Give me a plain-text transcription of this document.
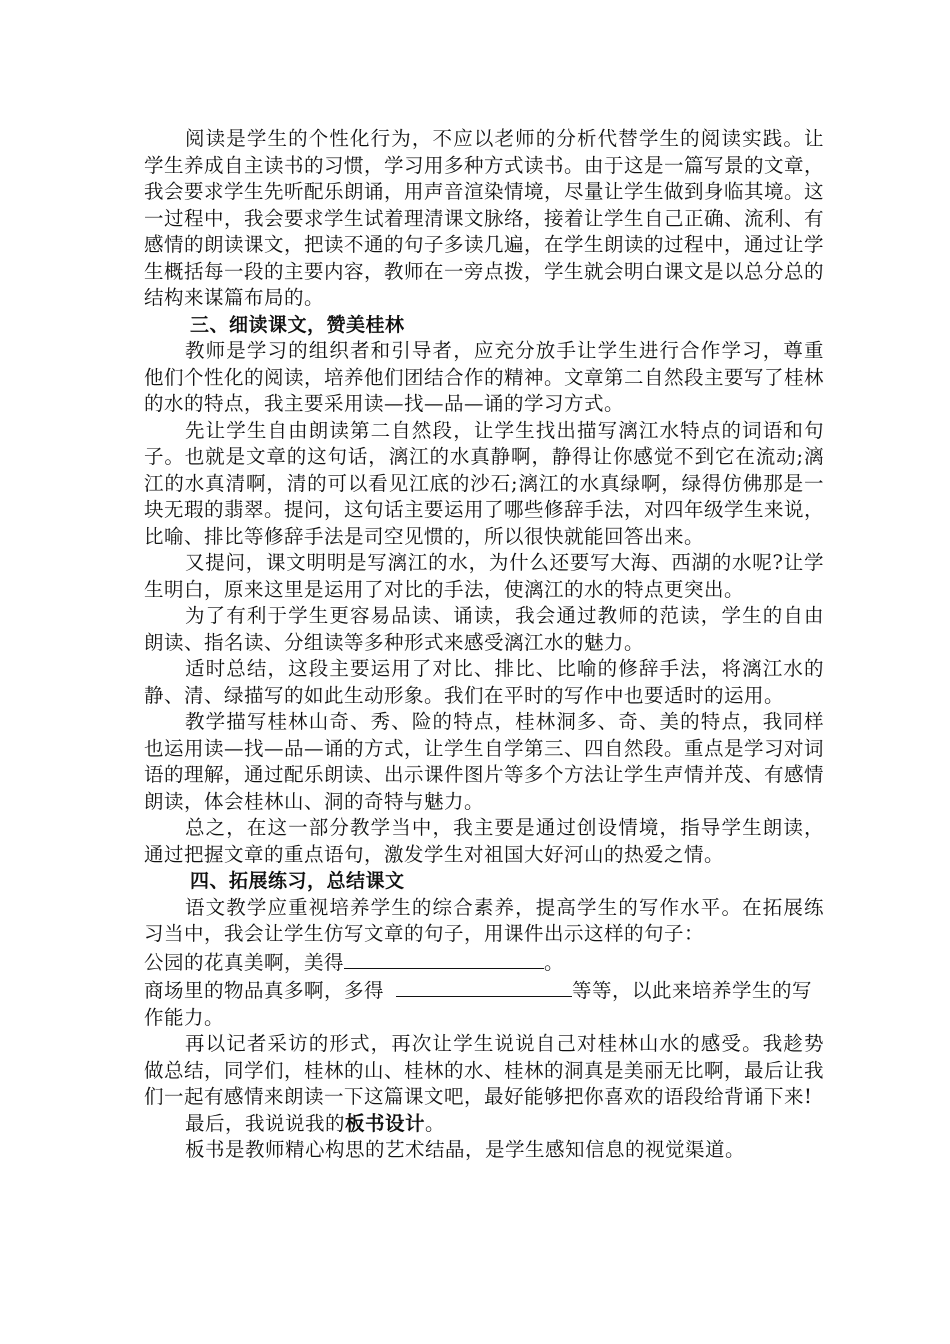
阅读是学生的个性化行为，不应以老师的分析代替学生的阅读实践。让学生养成自主读书的习惯，学习用多种方式读书。由于这是一篇写景的文章，我会要求学生先听配乐朗诵，用声音渲染情境，尽量让学生做到身临其境。这一过程中，我会要求学生试着理清课文脉络，接着让学生自己正确、流利、有感情的朗读课文，把读不通的句子多读几遍，在学生朗读的过程中，通过让学生概括每一段的主要内容，教师在一旁点拨，学生就会明白课文是以总分总的结构来谋篇布局的。

三、细读课文，赞美桂林

教师是学习的组织者和引导者，应充分放手让学生进行合作学习，尊重他们个性化的阅读，培养他们团结合作的精神。文章第二自然段主要写了桂林的水的特点，我主要采用读—找—品—诵的学习方式。

先让学生自由朗读第二自然段，让学生找出描写漓江水特点的词语和句子。也就是文章的这句话，漓江的水真静啊，静得让你感觉不到它在流动;漓江的水真清啊，清的可以看见江底的沙石;漓江的水真绿啊，绿得仿佛那是一块无瑕的翡翠。提问，这句话主要运用了哪些修辞手法，对四年级学生来说，比喻、排比等修辞手法是司空见惯的，所以很快就能回答出来。

又提问，课文明明是写漓江的水，为什么还要写大海、西湖的水呢?让学生明白，原来这里是运用了对比的手法，使漓江的水的特点更突出。

为了有利于学生更容易品读、诵读，我会通过教师的范读，学生的自由朗读、指名读、分组读等多种形式来感受漓江水的魅力。

适时总结，这段主要运用了对比、排比、比喻的修辞手法，将漓江水的静、清、绿描写的如此生动形象。我们在平时的写作中也要适时的运用。

教学描写桂林山奇、秀、险的特点，桂林洞多、奇、美的特点，我同样也运用读—找—品—诵的方式，让学生自学第三、四自然段。重点是学习对词语的理解，通过配乐朗读、出示课件图片等多个方法让学生声情并茂、有感情朗读，体会桂林山、洞的奇特与魅力。

总之，在这一部分教学当中，我主要是通过创设情境，指导学生朗读，通过把握文章的重点语句，激发学生对祖国大好河山的热爱之情。

四、拓展练习，总结课文

语文教学应重视培养学生的综合素养，提高学生的写作水平。在拓展练习当中，我会让学生仿写文章的句子，用课件出示这样的句子：

公园的花真美啊，美得	。

商场里的物品真多啊，多得	等等，以此来培养学生的写作能力。

再以记者采访的形式，再次让学生说说自己对桂林山水的感受。我趁势做总结，同学们，桂林的山、桂林的水、桂林的洞真是美丽无比啊，最后让我们一起有感情来朗读一下这篇课文吧，最好能够把你喜欢的语段给背诵下来!

最后，我说说我的板书设计。

板书是教师精心构思的艺术结晶，是学生感知信息的视觉渠道。
